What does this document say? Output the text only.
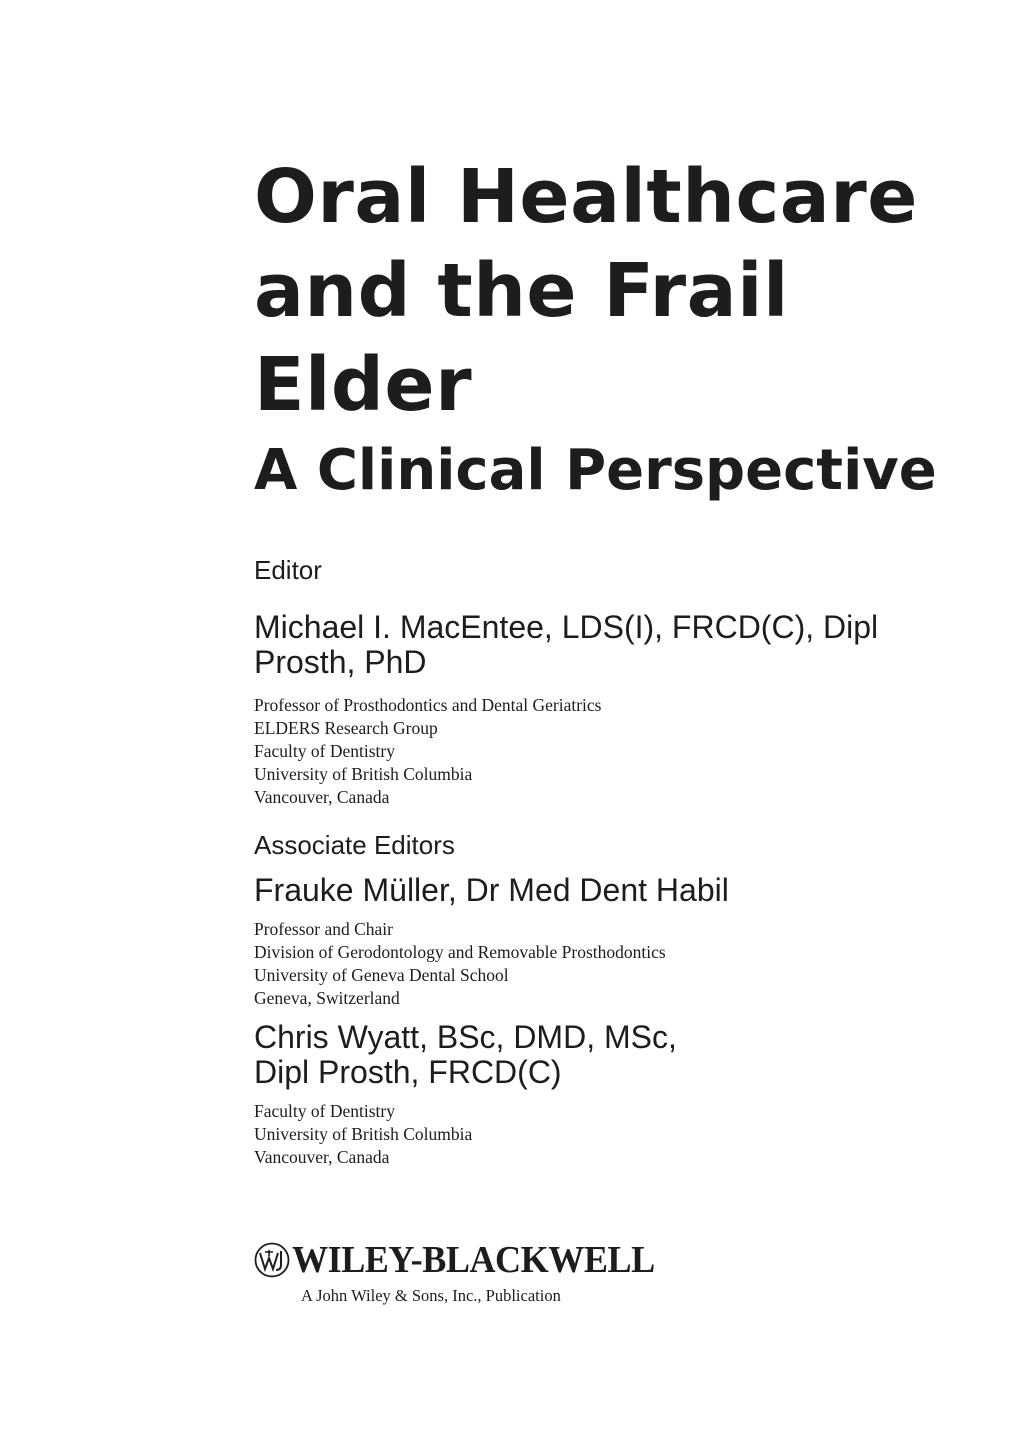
Oral Healthcare
and the Frail
Elder
A Clinical Perspective
Editor
Michael I. MacEntee, LDS(I), FRCD(C), Dipl
Prosth, PhD
Professor of Prosthodontics and Dental Geriatrics
ELDERS Research Group
Faculty of Dentistry
University of British Columbia
Vancouver, Canada
Associate Editors
Frauke Müller, Dr Med Dent Habil
Professor and Chair
Division of Gerodontology and Removable Prosthodontics
University of Geneva Dental School
Geneva, Switzerland
Chris Wyatt, BSc, DMD, MSc,
Dipl Prosth, FRCD(C)
Faculty of Dentistry
University of British Columbia
Vancouver, Canada
WILEY-BLACKWELL
A John Wiley & Sons, Inc., Publication
